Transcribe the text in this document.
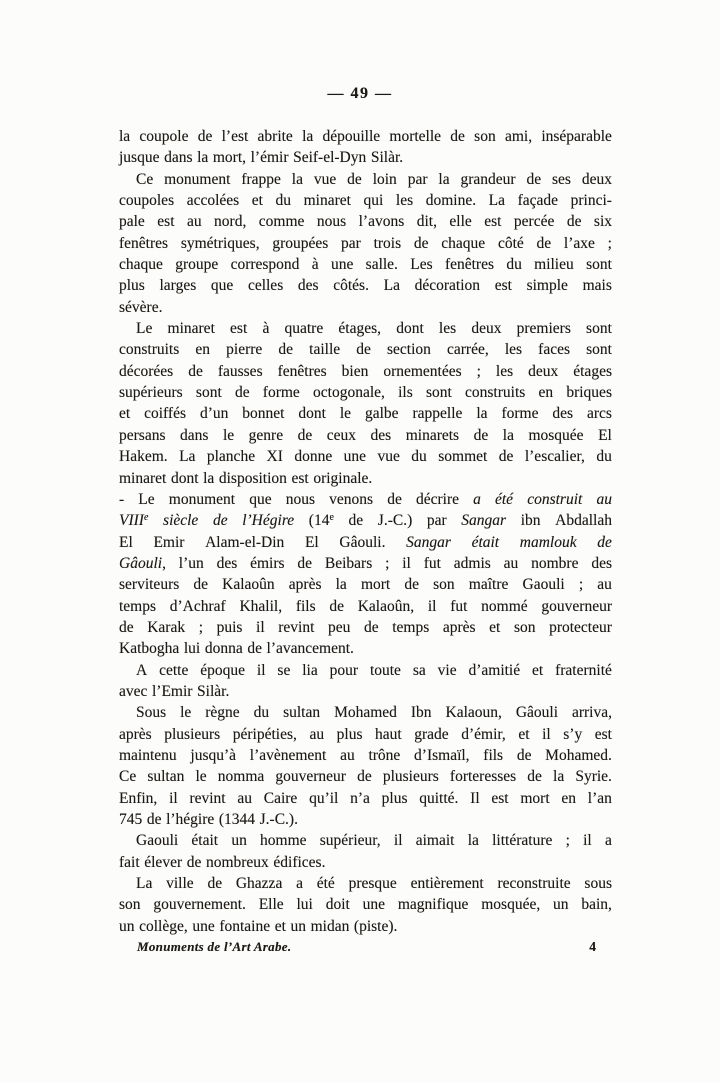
— 49 —
la coupole de l’est abrite la dépouille mortelle de son ami, inséparable
jusque dans la mort, l’émir Seif-el-Dyn Silàr.
Ce monument frappe la vue de loin par la grandeur de ses deux
coupoles accolées et du minaret qui les domine. La façade princi-
pale est au nord, comme nous l’avons dit, elle est percée de six
fenêtres symétriques, groupées par trois de chaque côté de l’axe ;
chaque groupe correspond à une salle. Les fenêtres du milieu sont
plus larges que celles des côtés. La décoration est simple mais
sévère.
Le minaret est à quatre étages, dont les deux premiers sont
construits en pierre de taille de section carrée, les faces sont
décorées de fausses fenêtres bien ornementées ; les deux étages
supérieurs sont de forme octogonale, ils sont construits en briques
et coiffés d’un bonnet dont le galbe rappelle la forme des arcs
persans dans le genre de ceux des minarets de la mosquée El
Hakem. La planche XI donne une vue du sommet de l’escalier, du
minaret dont la disposition est originale.
- Le monument que nous venons de décrire a été construit au
VIIIe siècle de l’Hégire (14e de J.-C.) par Sangar ibn Abdallah
El Emir Alam-el-Din El Gâouli. Sangar était mamlouk de
Gâouli, l’un des émirs de Beibars ; il fut admis au nombre des
serviteurs de Kalaoûn après la mort de son maître Gaouli ; au
temps d’Achraf Khalil, fils de Kalaoûn, il fut nommé gouverneur
de Karak ; puis il revint peu de temps après et son protecteur
Katbogha lui donna de l’avancement.
A cette époque il se lia pour toute sa vie d’amitié et fraternité
avec l’Emir Silàr.
Sous le règne du sultan Mohamed Ibn Kalaoun, Gâouli arriva,
après plusieurs péripéties, au plus haut grade d’émir, et il s’y est
maintenu jusqu’à l’avènement au trône d’Ismaïl, fils de Mohamed.
Ce sultan le nomma gouverneur de plusieurs forteresses de la Syrie.
Enfin, il revint au Caire qu’il n’a plus quitté. Il est mort en l’an
745 de l’hégire (1344 J.-C.).
Gaouli était un homme supérieur, il aimait la littérature ; il a
fait élever de nombreux édifices.
La ville de Ghazza a été presque entièrement reconstruite sous
son gouvernement. Elle lui doit une magnifique mosquée, un bain,
un collège, une fontaine et un midan (piste).
Monuments de l’Art Arabe.	4
